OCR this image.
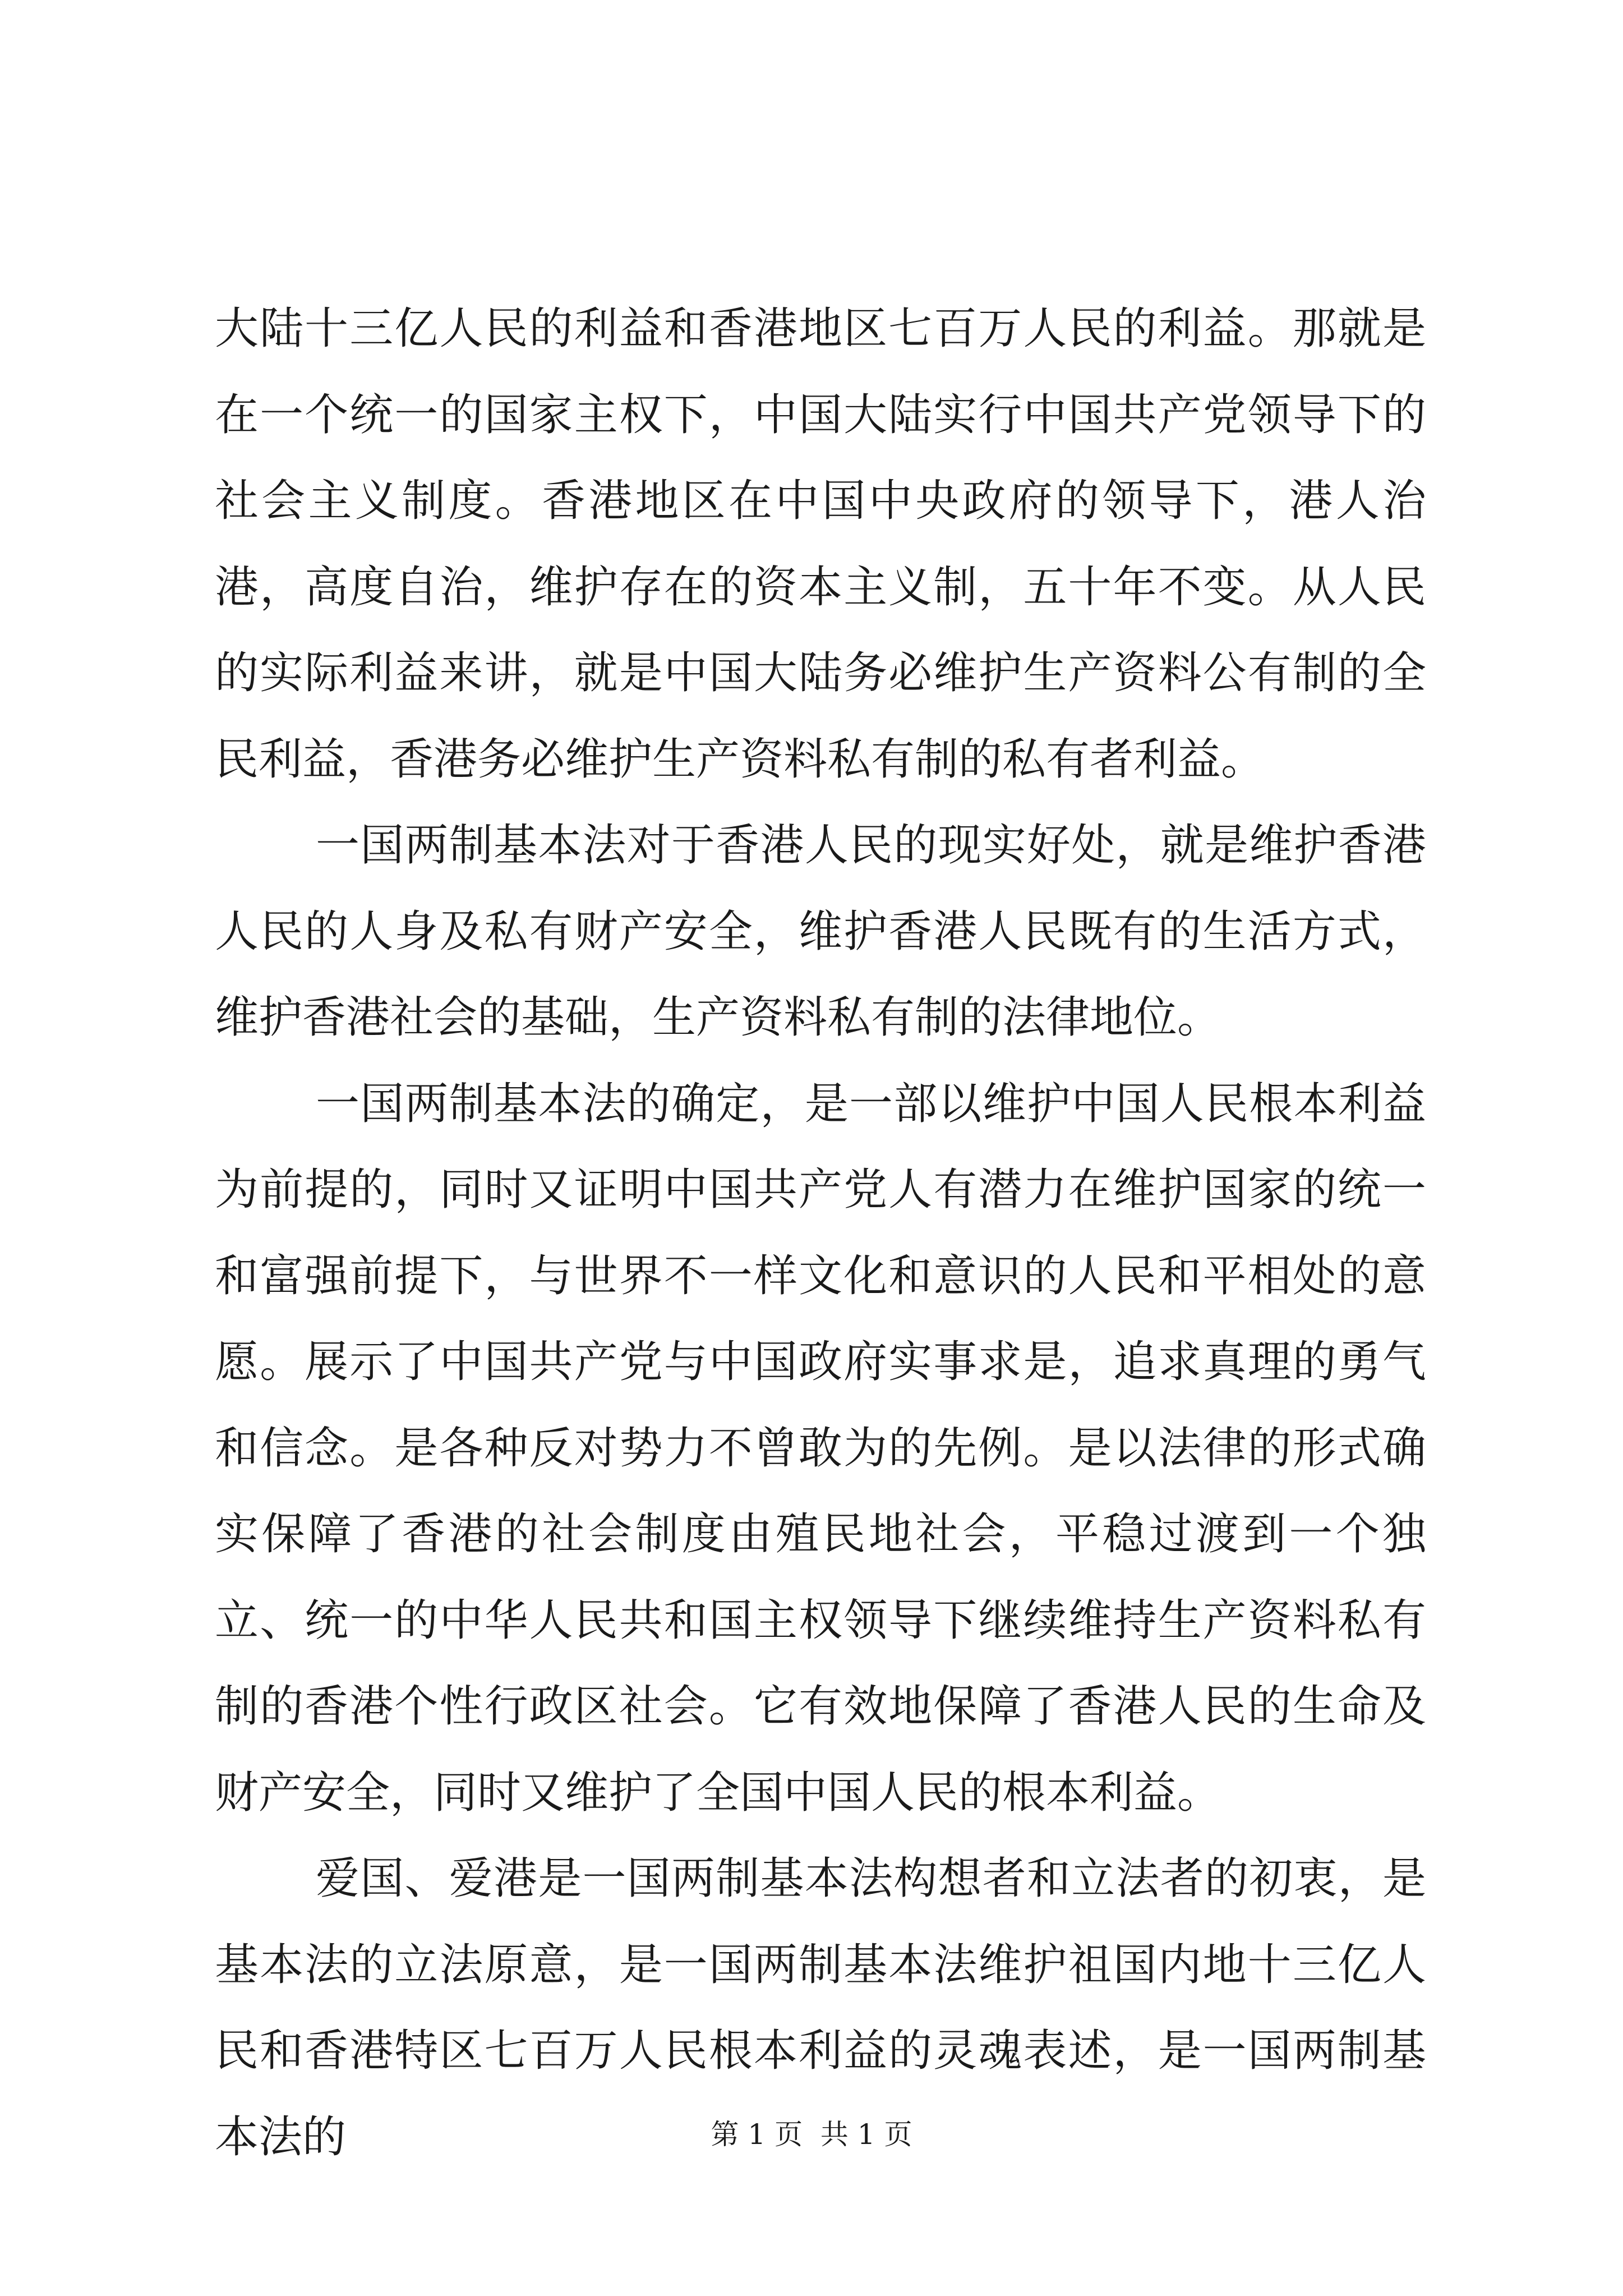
大陆十三亿人民的利益和香港地区七百万人民的利益。那就是在一个统一的国家主权下，中国大陆实行中国共产党领导下的社会主义制度。香港地区在中国中央政府的领导下，港人治港，高度自治，维护存在的资本主义制，五十年不变。从人民的实际利益来讲，就是中国大陆务必维护生产资料公有制的全民利益，香港务必维护生产资料私有制的私有者利益。

一国两制基本法对于香港人民的现实好处，就是维护香港人民的人身及私有财产安全，维护香港人民既有的生活方式，维护香港社会的基础，生产资料私有制的法律地位。

一国两制基本法的确定，是一部以维护中国人民根本利益为前提的，同时又证明中国共产党人有潜力在维护国家的统一和富强前提下，与世界不一样文化和意识的人民和平相处的意愿。展示了中国共产党与中国政府实事求是，追求真理的勇气和信念。是各种反对势力不曾敢为的先例。是以法律的形式确实保障了香港的社会制度由殖民地社会，平稳过渡到一个独立、统一的中华人民共和国主权领导下继续维持生产资料私有制的香港个性行政区社会。它有效地保障了香港人民的生命及财产安全，同时又维护了全国中国人民的根本利益。

爱国、爱港是一国两制基本法构想者和立法者的初衷，是基本法的立法原意，是一国两制基本法维护祖国内地十三亿人民和香港特区七百万人民根本利益的灵魂表述，是一国两制基本法的	第 1 页  共 1 页
